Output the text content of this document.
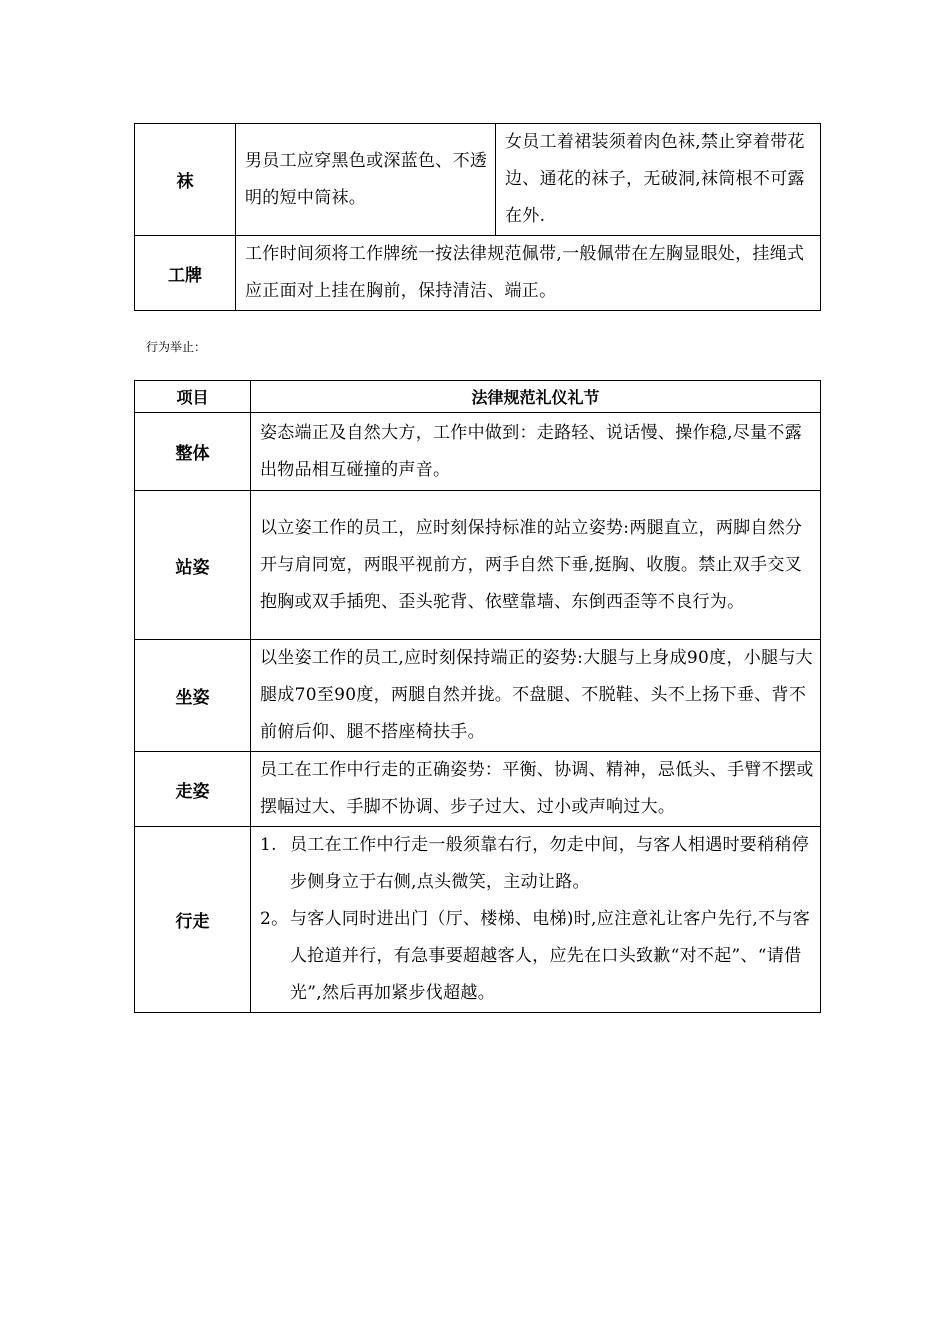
袜	男员工应穿黑色或深蓝色、不透明的短中筒袜。	女员工着裙装须着肉色袜,禁止穿着带花边、通花的袜子，无破洞,袜筒根不可露在外.
工牌	工作时间须将工作牌统一按法律规范佩带,一般佩带在左胸显眼处，挂绳式应正面对上挂在胸前，保持清洁、端正。	
行为举止：
项目	法律规范礼仪礼节
整体	姿态端正及自然大方，工作中做到：走路轻、说话慢、操作稳,尽量不露出物品相互碰撞的声音。
站姿	以立姿工作的员工，应时刻保持标准的站立姿势:两腿直立，两脚自然分开与肩同宽，两眼平视前方，两手自然下垂,挺胸、收腹。禁止双手交叉抱胸或双手插兜、歪头驼背、依壁靠墙、东倒西歪等不良行为。
坐姿	以坐姿工作的员工,应时刻保持端正的姿势:大腿与上身成90度，小腿与大腿成70至90度，两腿自然并拢。不盘腿、不脱鞋、头不上扬下垂、背不前俯后仰、腿不搭座椅扶手。
走姿	员工在工作中行走的正确姿势：平衡、协调、精神，忌低头、手臂不摆或摆幅过大、手脚不协调、步子过大、过小或声响过大。
行走	1. 员工在工作中行走一般须靠右行，勿走中间，与客人相遇时要稍稍停步侧身立于右侧,点头微笑，主动让路。
2。 与客人同时进出门（厅、楼梯、电梯)时,应注意礼让客户先行,不与客人抢道并行，有急事要超越客人，应先在口头致歉“对不起”、“请借光”,然后再加紧步伐超越。
